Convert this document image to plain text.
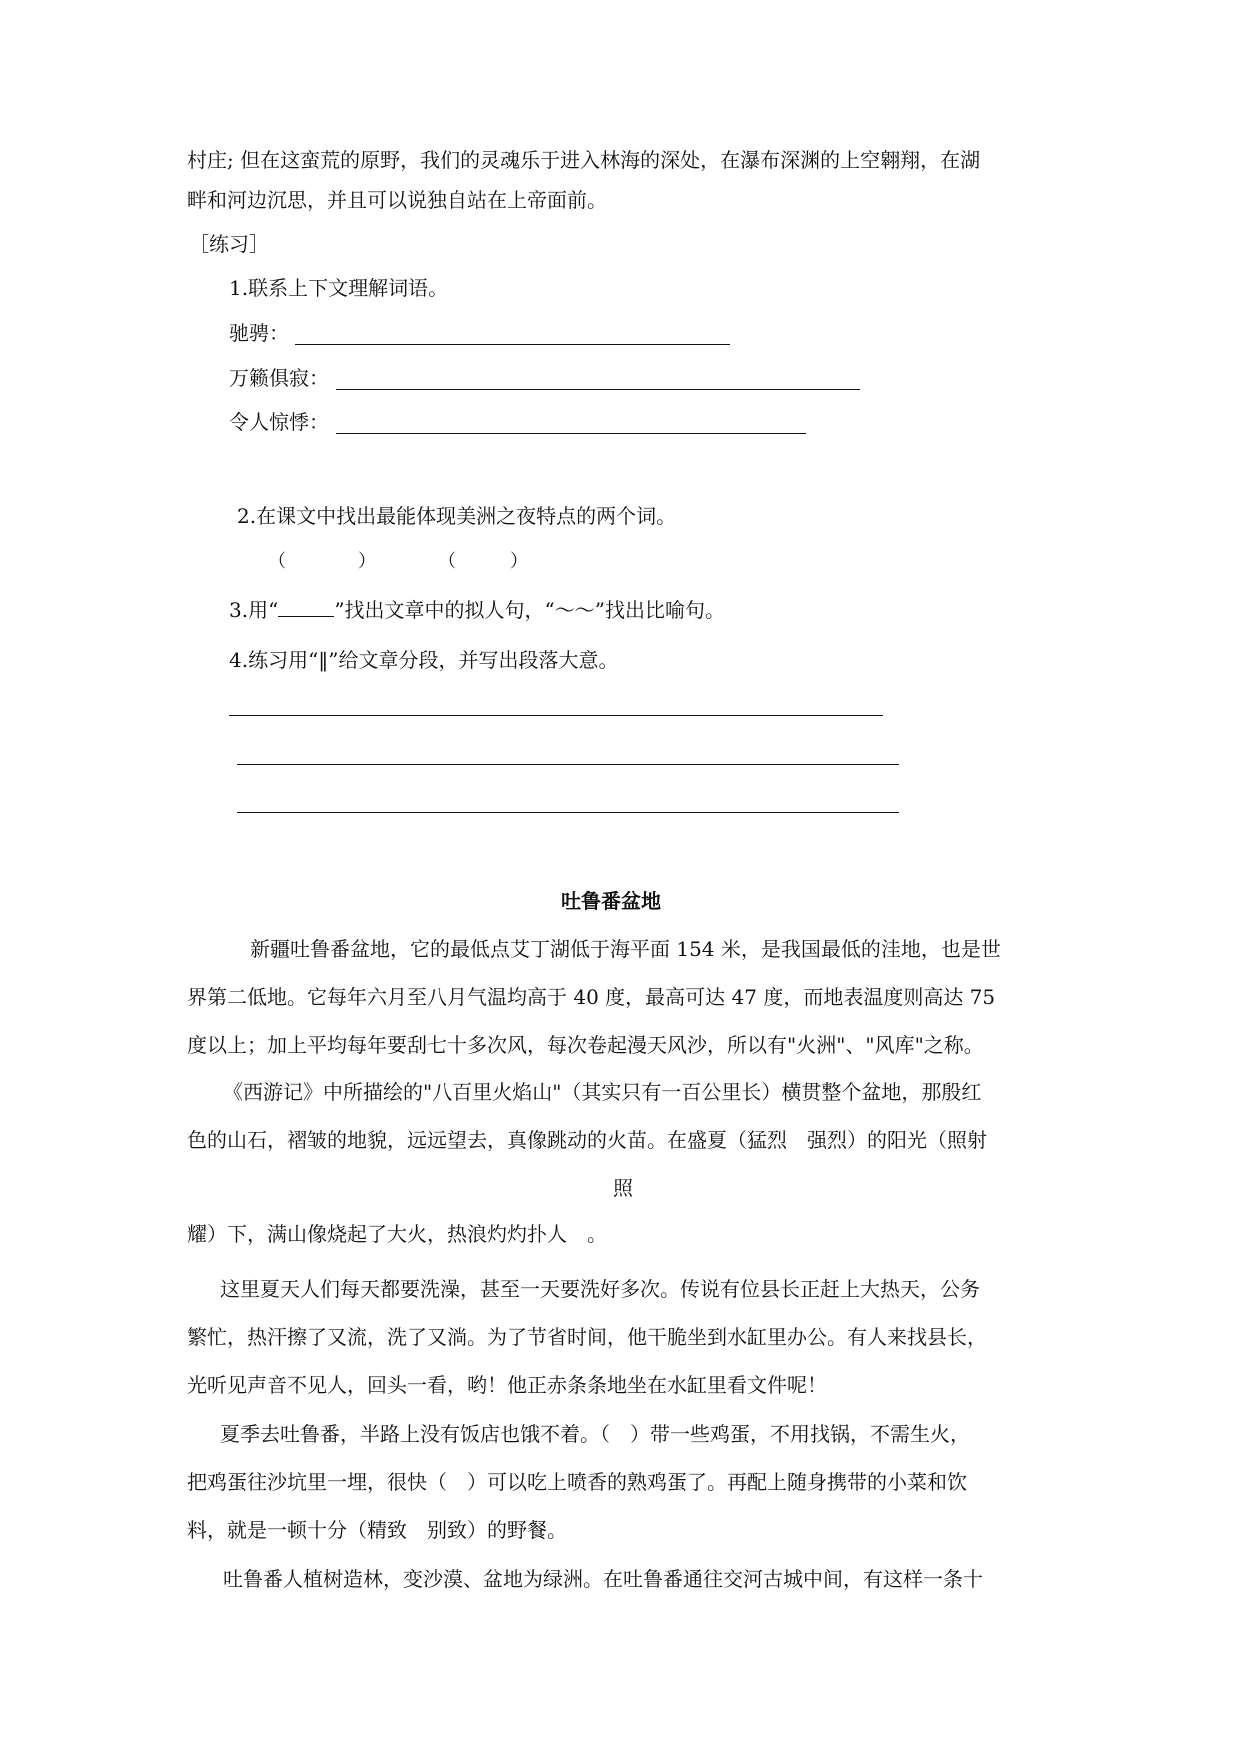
村庄; 但在这蛮荒的原野，我们的灵魂乐于进入林海的深处，在瀑布深渊的上空翱翔，在湖
畔和河边沉思，并且可以说独自站在上帝面前。
［练习］
1.联系上下文理解词语。
驰骋：
万籁俱寂：
令人惊悸：
2.在课文中找出最能体现美洲之夜特点的两个词。
（　　　　）	（　　　）
3.用“	”找出文章中的拟人句，“～～”找出比喻句。
4.练习用“‖”给文章分段，并写出段落大意。
吐鲁番盆地
新疆吐鲁番盆地，它的最低点艾丁湖低于海平面 154 米，是我国最低的洼地，也是世
界第二低地。它每年六月至八月气温均高于 40 度，最高可达 47 度，而地表温度则高达 75
度以上；加上平均每年要刮七十多次风，每次卷起漫天风沙，所以有"火洲"、"风库"之称。
《西游记》中所描绘的"八百里火焰山"（其实只有一百公里长）横贯整个盆地，那殷红
色的山石，褶皱的地貌，远远望去，真像跳动的火苗。在盛夏（猛烈　强烈）的阳光（照射
照
耀）下，满山像烧起了大火，热浪灼灼扑人　。
这里夏天人们每天都要洗澡，甚至一天要洗好多次。传说有位县长正赶上大热天，公务
繁忙，热汗擦了又流，洗了又淌。为了节省时间，他干脆坐到水缸里办公。有人来找县长，
光听见声音不见人，回头一看，哟！他正赤条条地坐在水缸里看文件呢！
夏季去吐鲁番，半路上没有饭店也饿不着。（　）带一些鸡蛋，不用找锅，不需生火，
把鸡蛋往沙坑里一埋，很快（　）可以吃上喷香的熟鸡蛋了。再配上随身携带的小菜和饮
料，就是一顿十分（精致　别致）的野餐。
吐鲁番人植树造林，变沙漠、盆地为绿洲。在吐鲁番通往交河古城中间，有这样一条十
